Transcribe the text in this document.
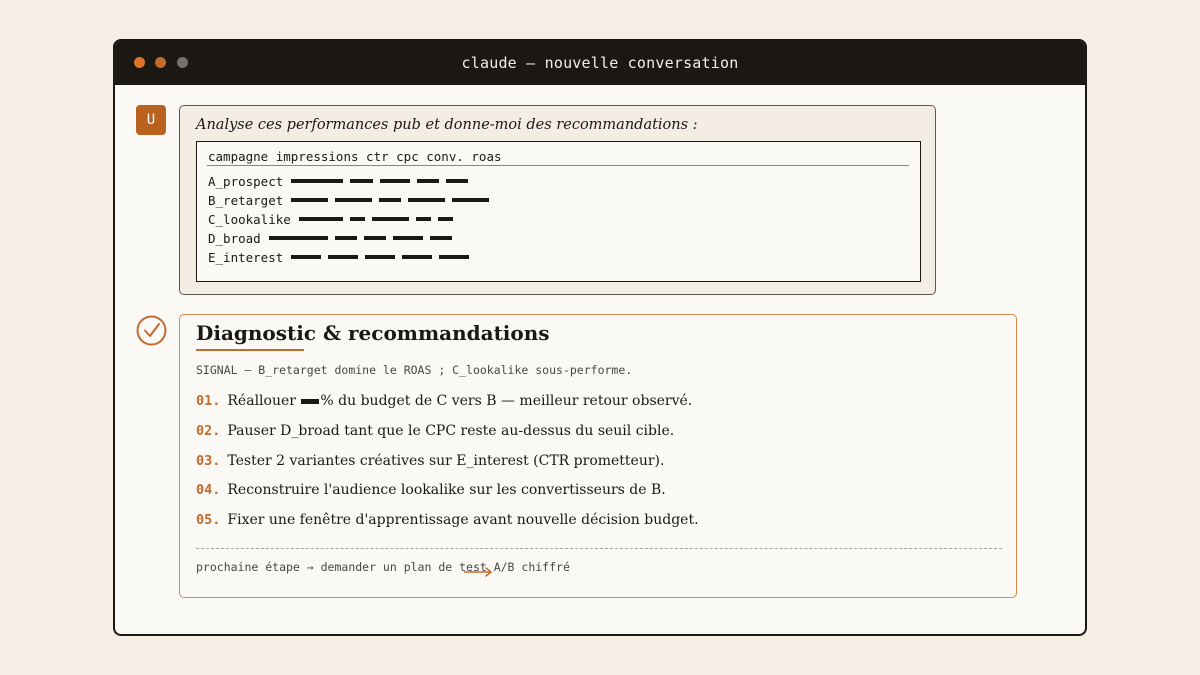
claude — nouvelle conversation
U	Analyse ces performances pub et donne-moi des recommandations :
campagne impressions ctr cpc conv. roas
A_prospect
B_retarget
C_lookalike
D_broad
E_interest
Diagnostic & recommandations
SIGNAL — B_retarget domine le ROAS ; C_lookalike sous-performe.
01. Réallouer % du budget de C vers B — meilleur retour observé.
02. Pauser D_broad tant que le CPC reste au-dessus du seuil cible.
03. Tester 2 variantes créatives sur E_interest (CTR prometteur).
04. Reconstruire l'audience lookalike sur les convertisseurs de B.
05. Fixer une fenêtre d'apprentissage avant nouvelle décision budget.
prochaine étape → demander un plan de test A/B chiffré
